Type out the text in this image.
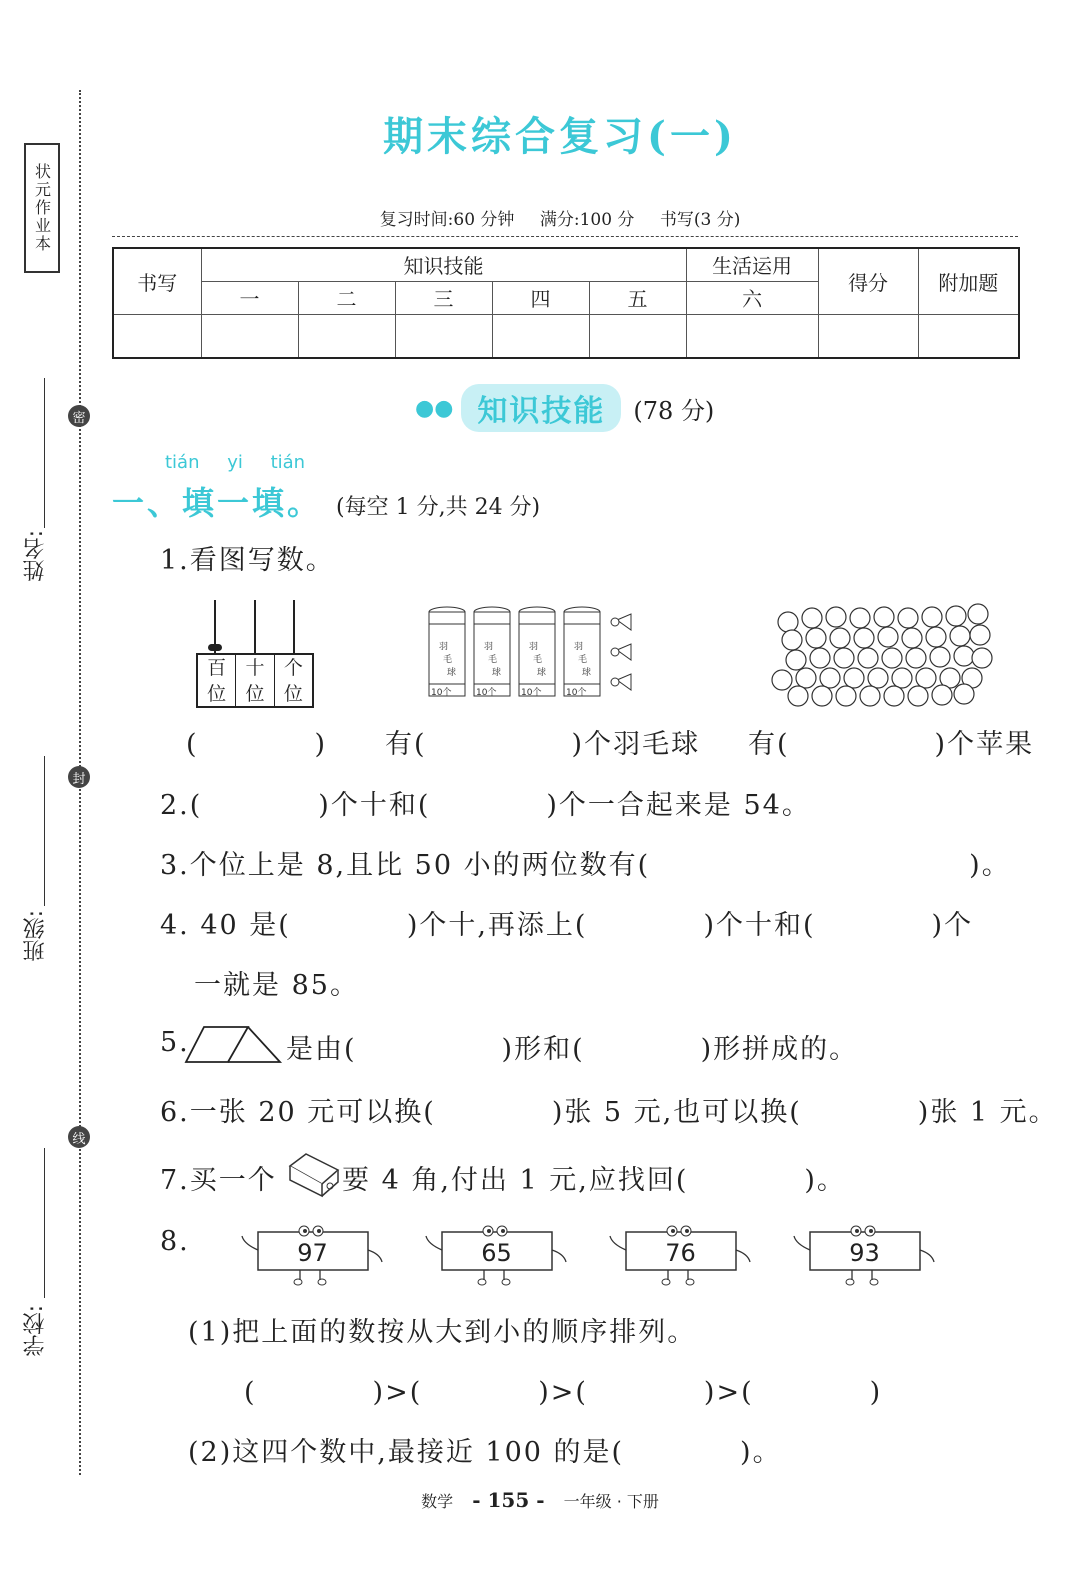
状元作业本
密
封
线
姓名:
班级:
学校:
期末综合复习(一)
复习时间:60 分钟 满分:100 分 书写(3 分)
书写	知识技能					生活运用	得分	附加题
	一	二	三	四	五	六		

●● 知识技能	(78 分)
tián yi tián
一、填一填。 (每空 1 分,共 24 分)
1.看图写数。
百
位
十
位
个
位
羽
毛
球
10个
羽
毛
球
10个
羽
毛
球
10个
羽
毛
球
10个
(　　　　) 有(　　　　　)个羽毛球 有(　　　　　)个苹果
2.(　　　　)个十和(　　　　)个一合起来是 54。
3.个位上是 8,且比 50 小的两位数有(　　　　　　　　　　　)。
4. 40 是(　　　　)个十,再添上(　　　　)个十和(　　　　)个
一就是 85。
5.	是由(　　　　　)形和(　　　　)形拼成的。
6.一张 20 元可以换(　　　　)张 5 元,也可以换(　　　　)张 1 元。
7.买一个 要 4 角,付出 1 元,应找回(　　　　)。
8.	97	65	76	93
(1)把上面的数按从大到小的顺序排列。
(　　　　)>(　　　　)>(　　　　)>(　　　　)
(2)这四个数中,最接近 100 的是(　　　　)。
数学 - 155 - 一年级 · 下册
